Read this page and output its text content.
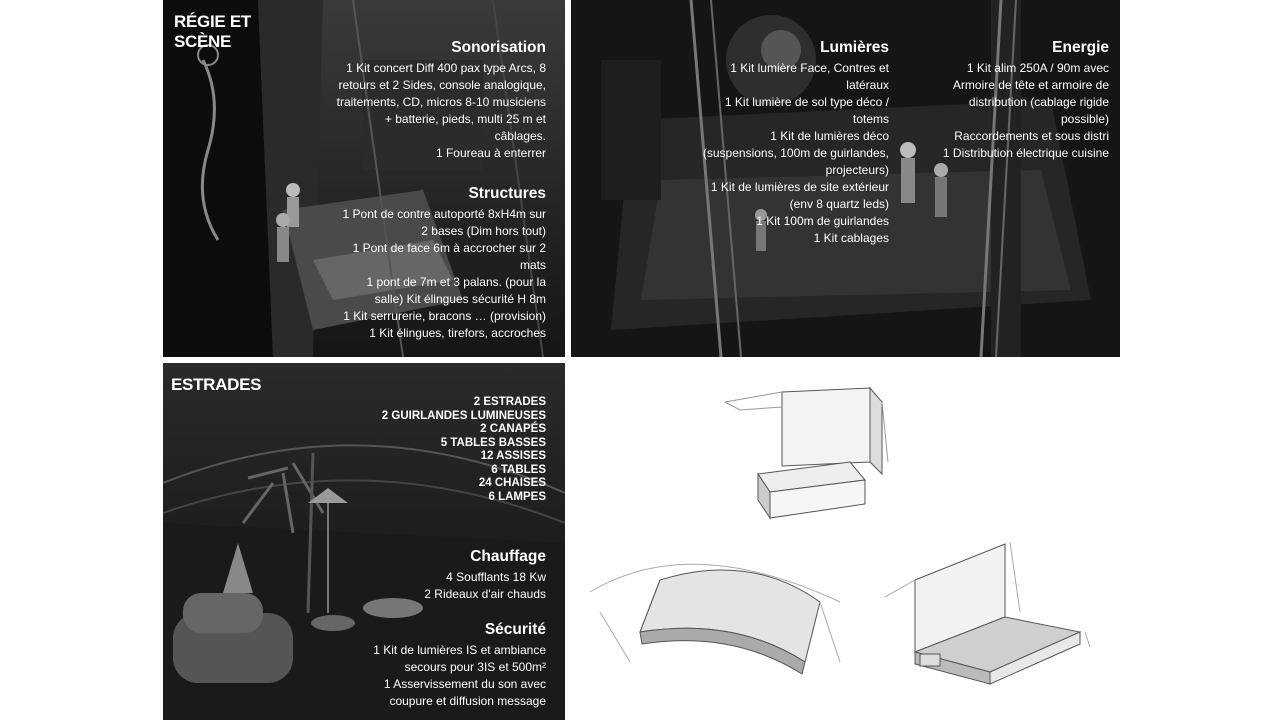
RÉGIE ET
SCÈNE	Sonorisation
1 Kit concert Diff 400 pax type Arcs, 8
retours et 2 Sides, console analogique,
traitements, CD, micros 8-10 musiciens
+ batterie, pieds, multi 25 m et
câblages.
1 Foureau à enterrer
Structures
1 Pont de contre autoporté 8xH4m sur
2 bases (Dim hors tout)
1 Pont de face 6m à accrocher sur 2
mats
1 pont de 7m et 3 palans. (pour la
salle) Kit élingues sécurité H 8m
1 Kit serrurerie, bracons … (provision)
1 Kit élingues, tirefors, accroches
Lumières
1 Kit lumière Face, Contres et
latéraux
1 Kit lumière de sol type déco /
totems
1 Kit de lumières déco
(suspensions, 100m de guirlandes,
projecteurs)
1 Kit de lumières de site extérieur
(env 8 quartz leds)
1 Kit 100m de guirlandes
1 Kit cablages
Energie
1 Kit alim 250A / 90m avec
Armoire de tête et armoire de
distribution (cablage rigide
possible)
Raccordements et sous distri
1 Distribution électrique cuisine
ESTRADES
2 ESTRADES
2 GUIRLANDES LUMINEUSES
2 CANAPÉS
5 TABLES BASSES
12 ASSISES
6 TABLES
24 CHAISES
6 LAMPES
Chauffage
4 Soufflants 18 Kw
2 Rideaux d'air chauds
Sécurité
1 Kit de lumières IS et ambiance
secours pour 3IS et 500m²
1 Asservissement du son avec
coupure et diffusion message
